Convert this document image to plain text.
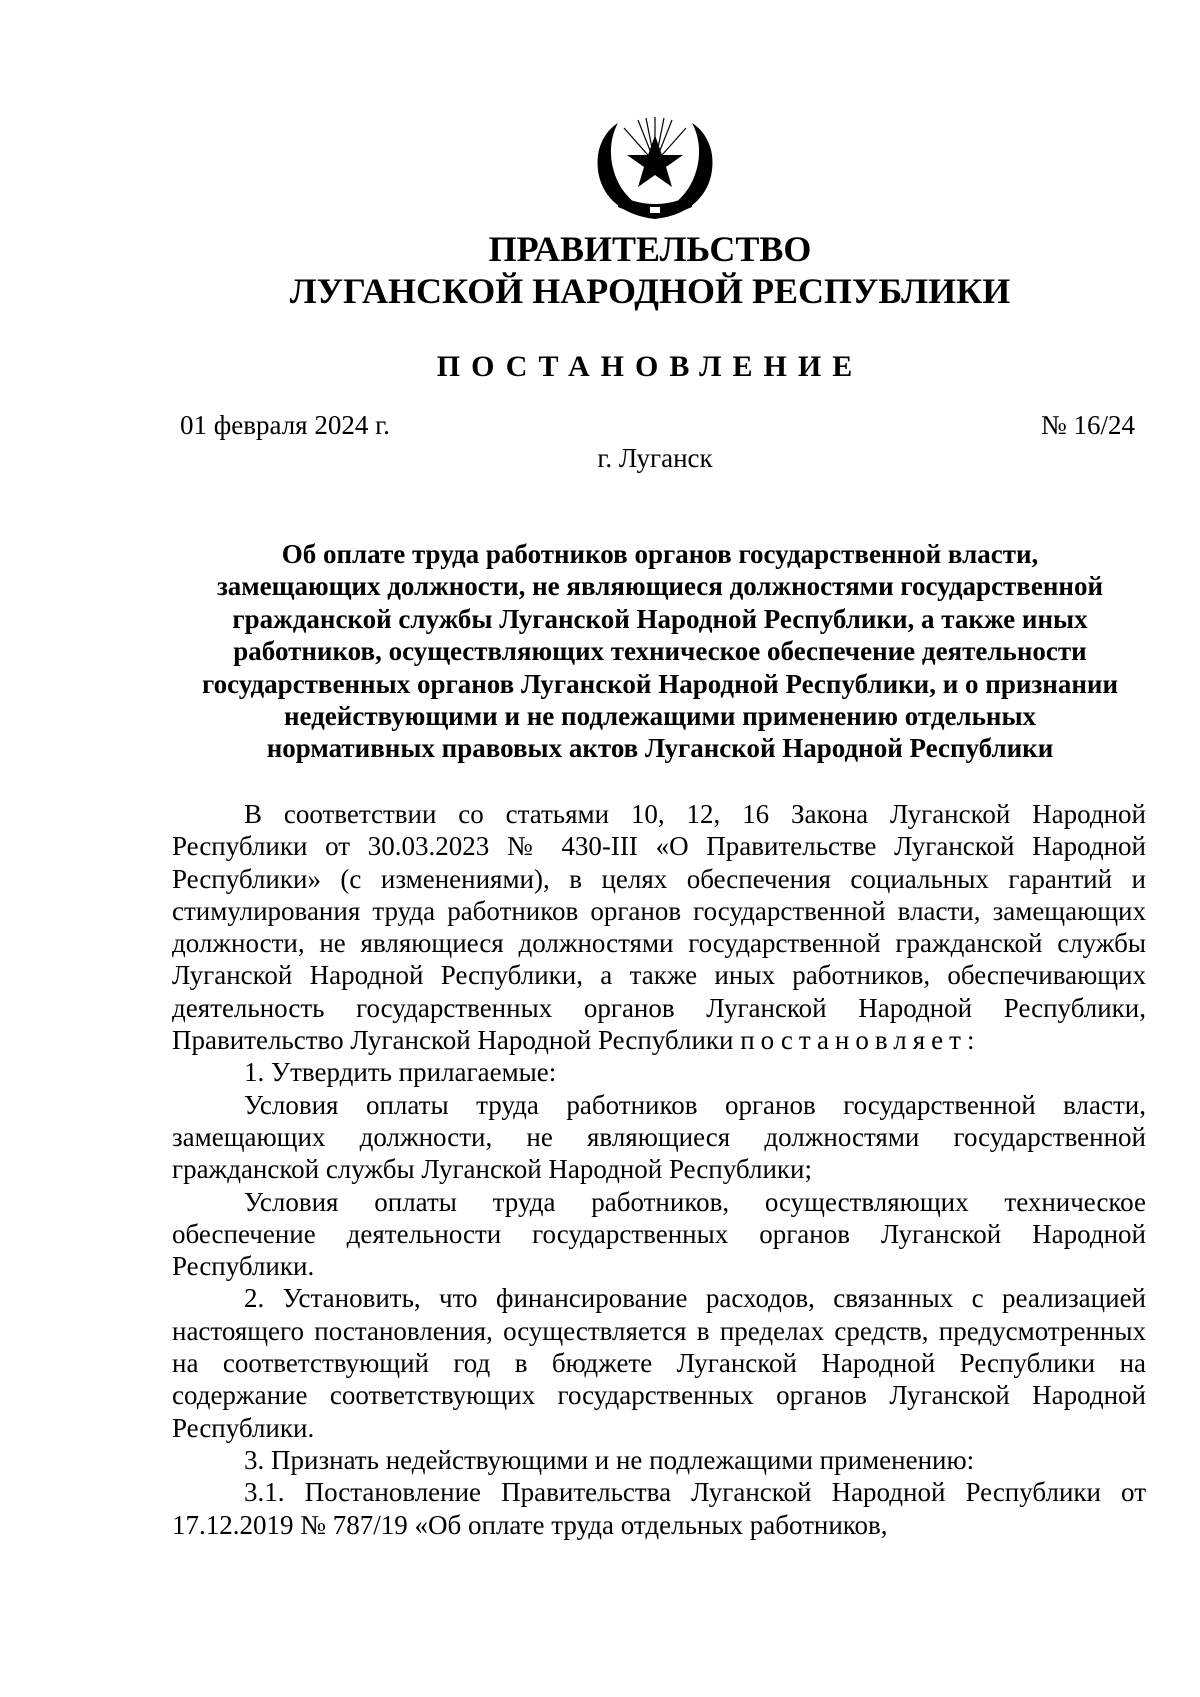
ПРАВИТЕЛЬСТВО
ЛУГАНСКОЙ НАРОДНОЙ РЕСПУБЛИКИ
ПОСТАНОВЛЕНИЕ
01 февраля 2024 г.	№ 16/24
г. Луганск
Об оплате труда работников органов государственной власти,
замещающих должности, не являющиеся должностями государственной
гражданской службы Луганской Народной Республики, а также иных
работников, осуществляющих техническое обеспечение деятельности
государственных органов Луганской Народной Республики, и о признании
недействующими и не подлежащими применению отдельных
нормативных правовых актов Луганской Народной Республики

В соответствии со статьями 10, 12, 16 Закона Луганской Народной Республики от 30.03.2023 № 430-III «О Правительстве Луганской Народной Республики» (с изменениями), в целях обеспечения социальных гарантий и стимулирования труда работников органов государственной власти, замещающих должности, не являющиеся должностями государственной гражданской службы Луганской Народной Республики, а также иных работников, обеспечивающих деятельность государственных органов Луганской Народной Республики, Правительство Луганской Народной Республики постановляет:

1. Утвердить прилагаемые:

Условия оплаты труда работников органов государственной власти, замещающих должности, не являющиеся должностями государственной гражданской службы Луганской Народной Республики;

Условия оплаты труда работников, осуществляющих техническое обеспечение деятельности государственных органов Луганской Народной Республики.

2. Установить, что финансирование расходов, связанных с реализацией настоящего постановления, осуществляется в пределах средств, предусмотренных на соответствующий год в бюджете Луганской Народной Республики на содержание соответствующих государственных органов Луганской Народной Республики.

3. Признать недействующими и не подлежащими применению:

3.1. Постановление Правительства Луганской Народной Республики от 17.12.2019 № 787/19 «Об оплате труда отдельных работников,
